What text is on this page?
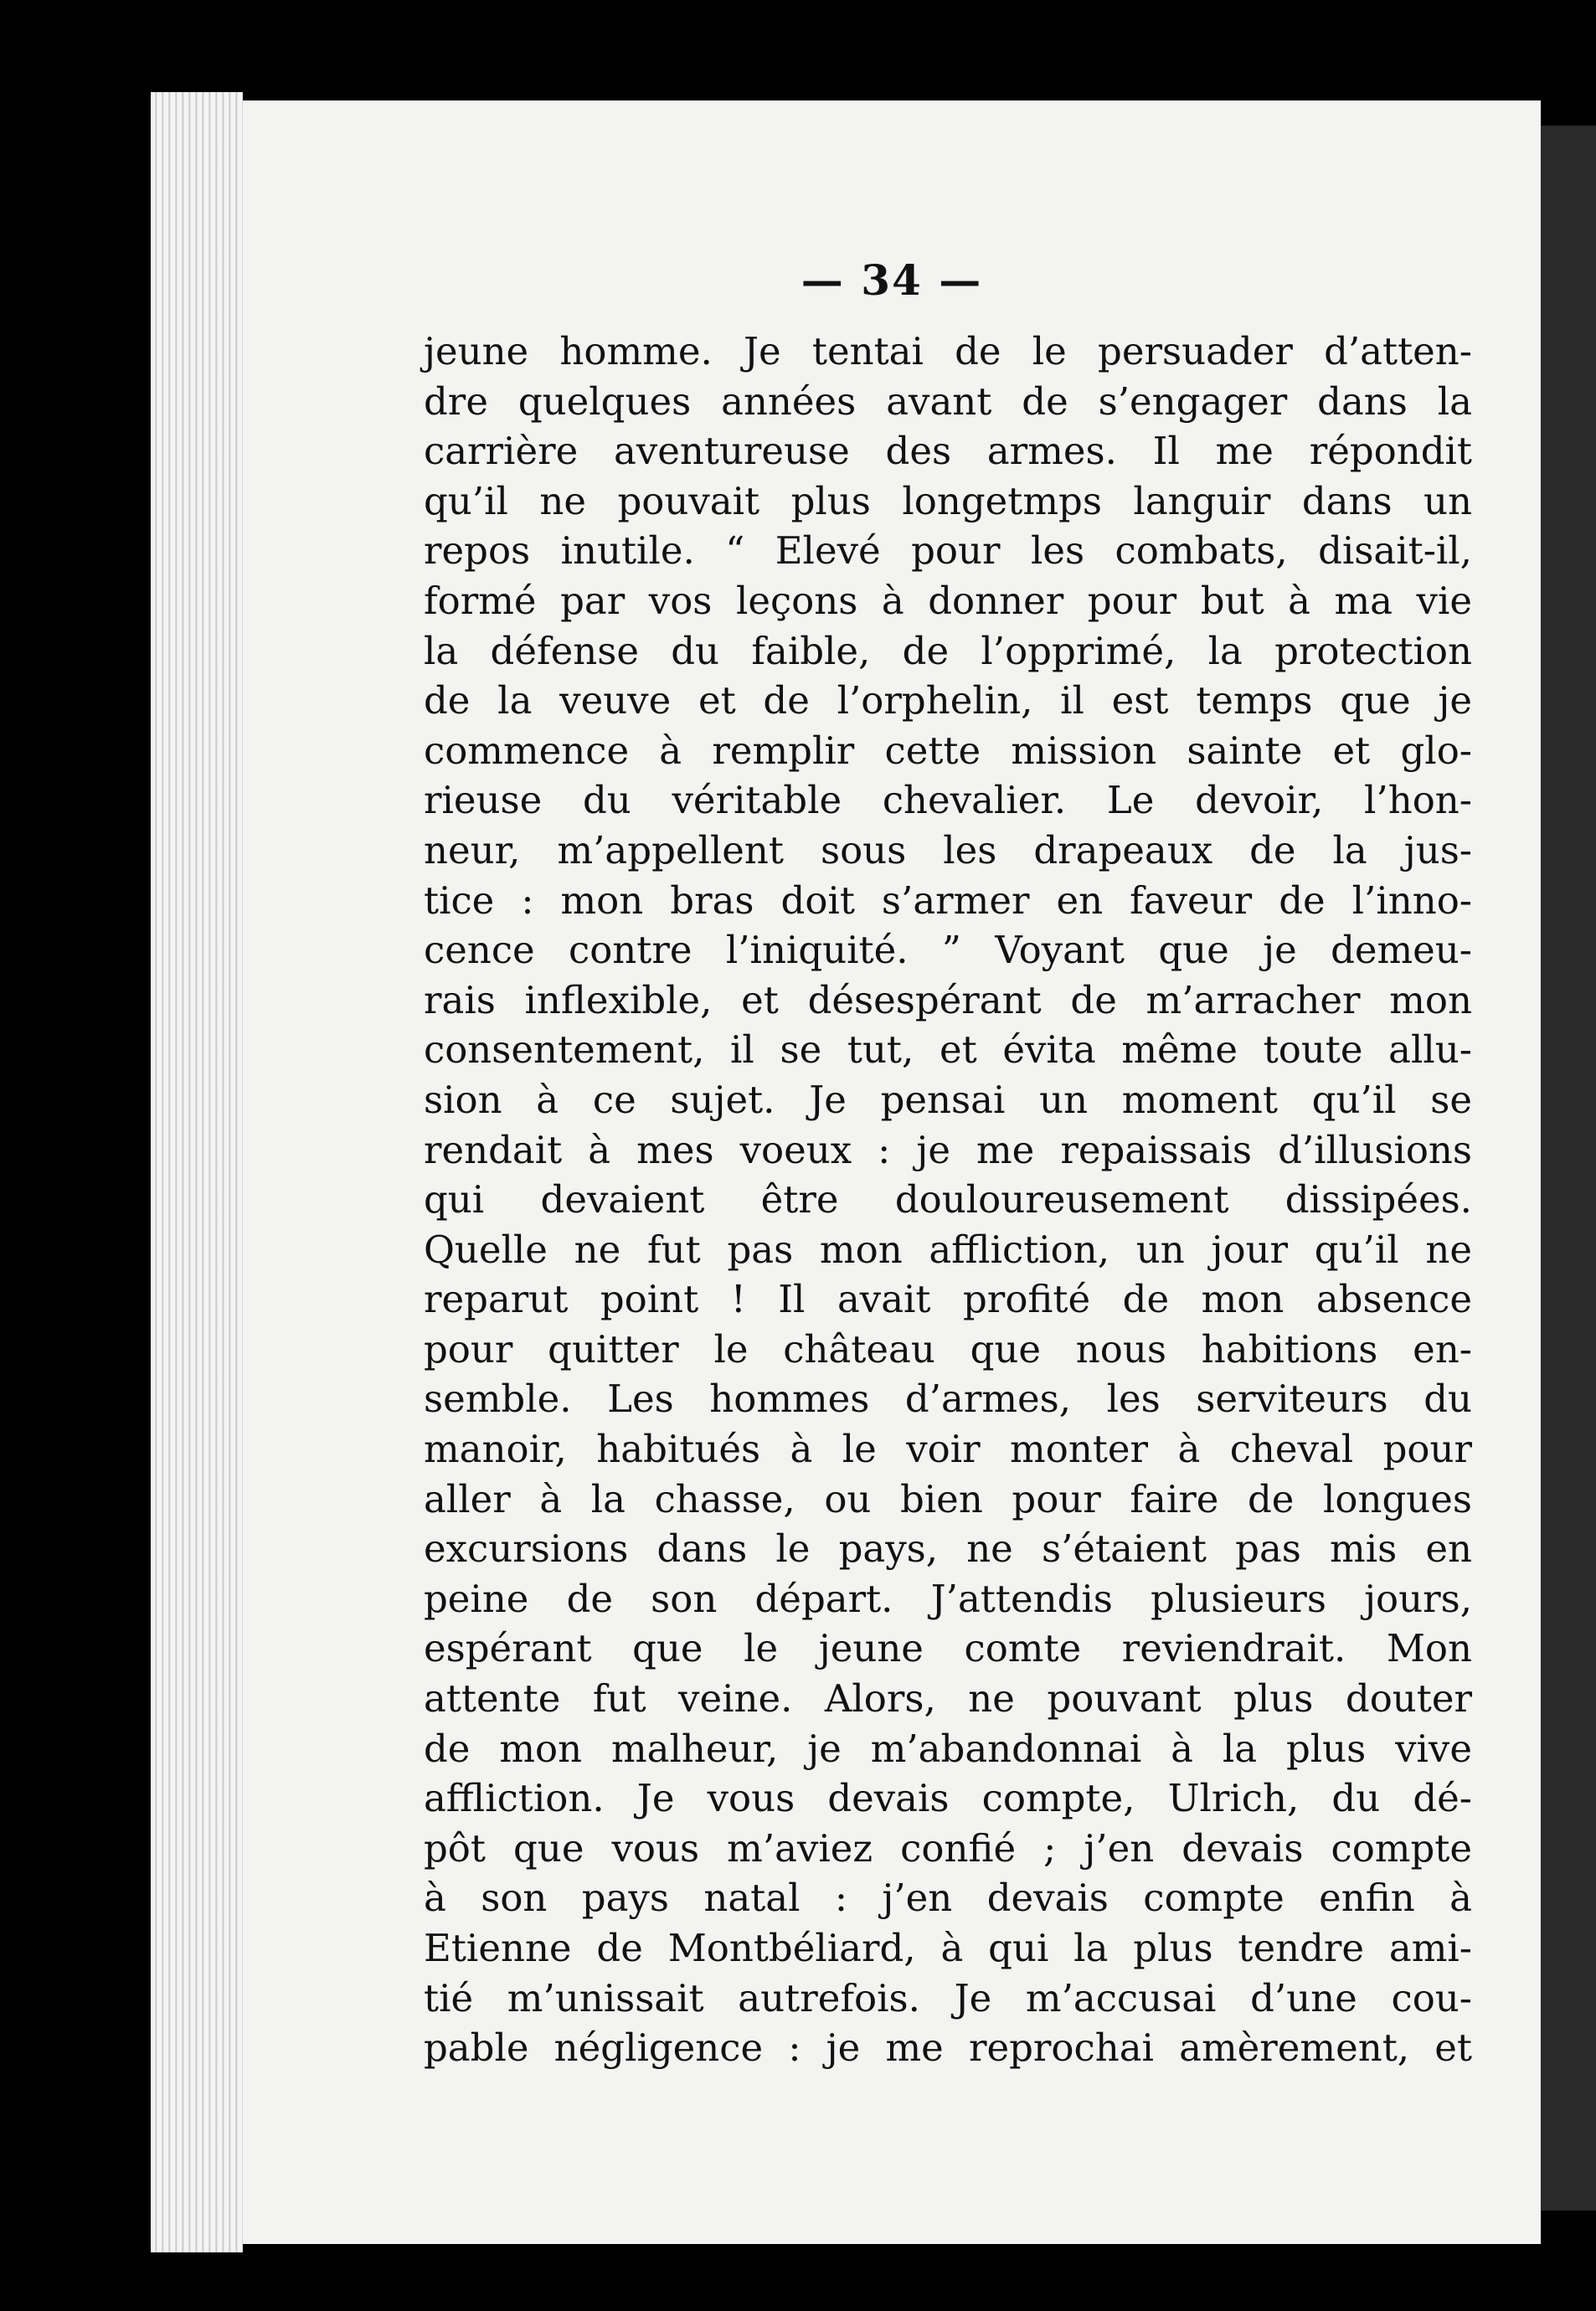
— 34 —
jeune homme. Je tentai de le persuader d’atten-
dre quelques années avant de s’engager dans la
carrière aventureuse des armes. Il me répondit
qu’il ne pouvait plus longetmps languir dans un
repos inutile. “ Elevé pour les combats, disait-il,
formé par vos leçons à donner pour but à ma vie
la défense du faible, de l’opprimé, la protection
de la veuve et de l’orphelin, il est temps que je
commence à remplir cette mission sainte et glo-
rieuse du véritable chevalier. Le devoir, l’hon-
neur, m’appellent sous les drapeaux de la jus-
tice : mon bras doit s’armer en faveur de l’inno-
cence contre l’iniquité. ” Voyant que je demeu-
rais inflexible, et désespérant de m’arracher mon
consentement, il se tut, et évita même toute allu-
sion à ce sujet. Je pensai un moment qu’il se
rendait à mes voeux : je me repaissais d’illusions
qui devaient être douloureusement dissipées.
Quelle ne fut pas mon affliction, un jour qu’il ne
reparut point ! Il avait profité de mon absence
pour quitter le château que nous habitions en-
semble. Les hommes d’armes, les serviteurs du
manoir, habitués à le voir monter à cheval pour
aller à la chasse, ou bien pour faire de longues
excursions dans le pays, ne s’étaient pas mis en
peine de son départ. J’attendis plusieurs jours,
espérant que le jeune comte reviendrait. Mon
attente fut veine. Alors, ne pouvant plus douter
de mon malheur, je m’abandonnai à la plus vive
affliction. Je vous devais compte, Ulrich, du dé-
pôt que vous m’aviez confié ; j’en devais compte
à son pays natal : j’en devais compte enfin à
Etienne de Montbéliard, à qui la plus tendre ami-
tié m’unissait autrefois. Je m’accusai d’une cou-
pable négligence : je me reprochai amèrement, et
